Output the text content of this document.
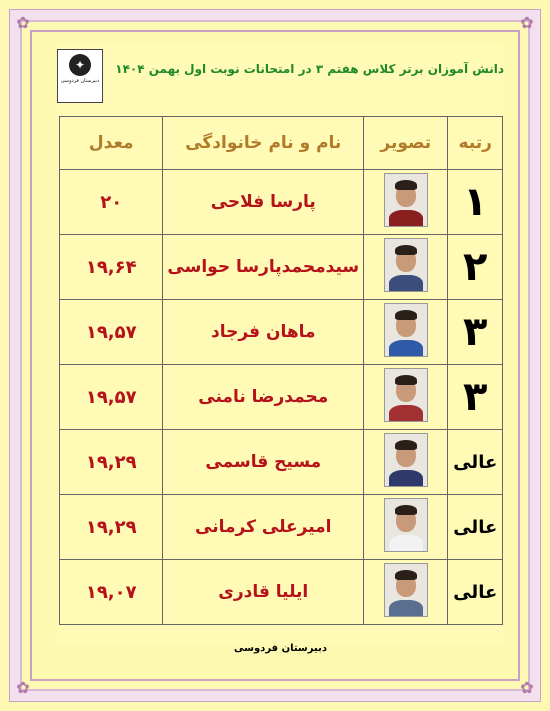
✿	✿
✿	✿
✦
دبیرستان فردوسی
دانش آموزان برتر کلاس هفتم ۳ در امتحانات نوبت اول بهمن ۱۴۰۴
رتبه	تصویر	نام و نام خانوادگی	معدل
۱		پارسا فلاحی	۲۰
۲		سیدمحمدپارسا حواسی	۱۹,۶۴
۳		ماهان فرجاد	۱۹,۵۷
۳		محمدرضا نامنی	۱۹,۵۷
عالی		مسیح قاسمی	۱۹,۲۹
عالی		امیرعلی کرمانی	۱۹,۲۹
عالی		ایلیا قادری	۱۹,۰۷
دبیرستان فردوسی
